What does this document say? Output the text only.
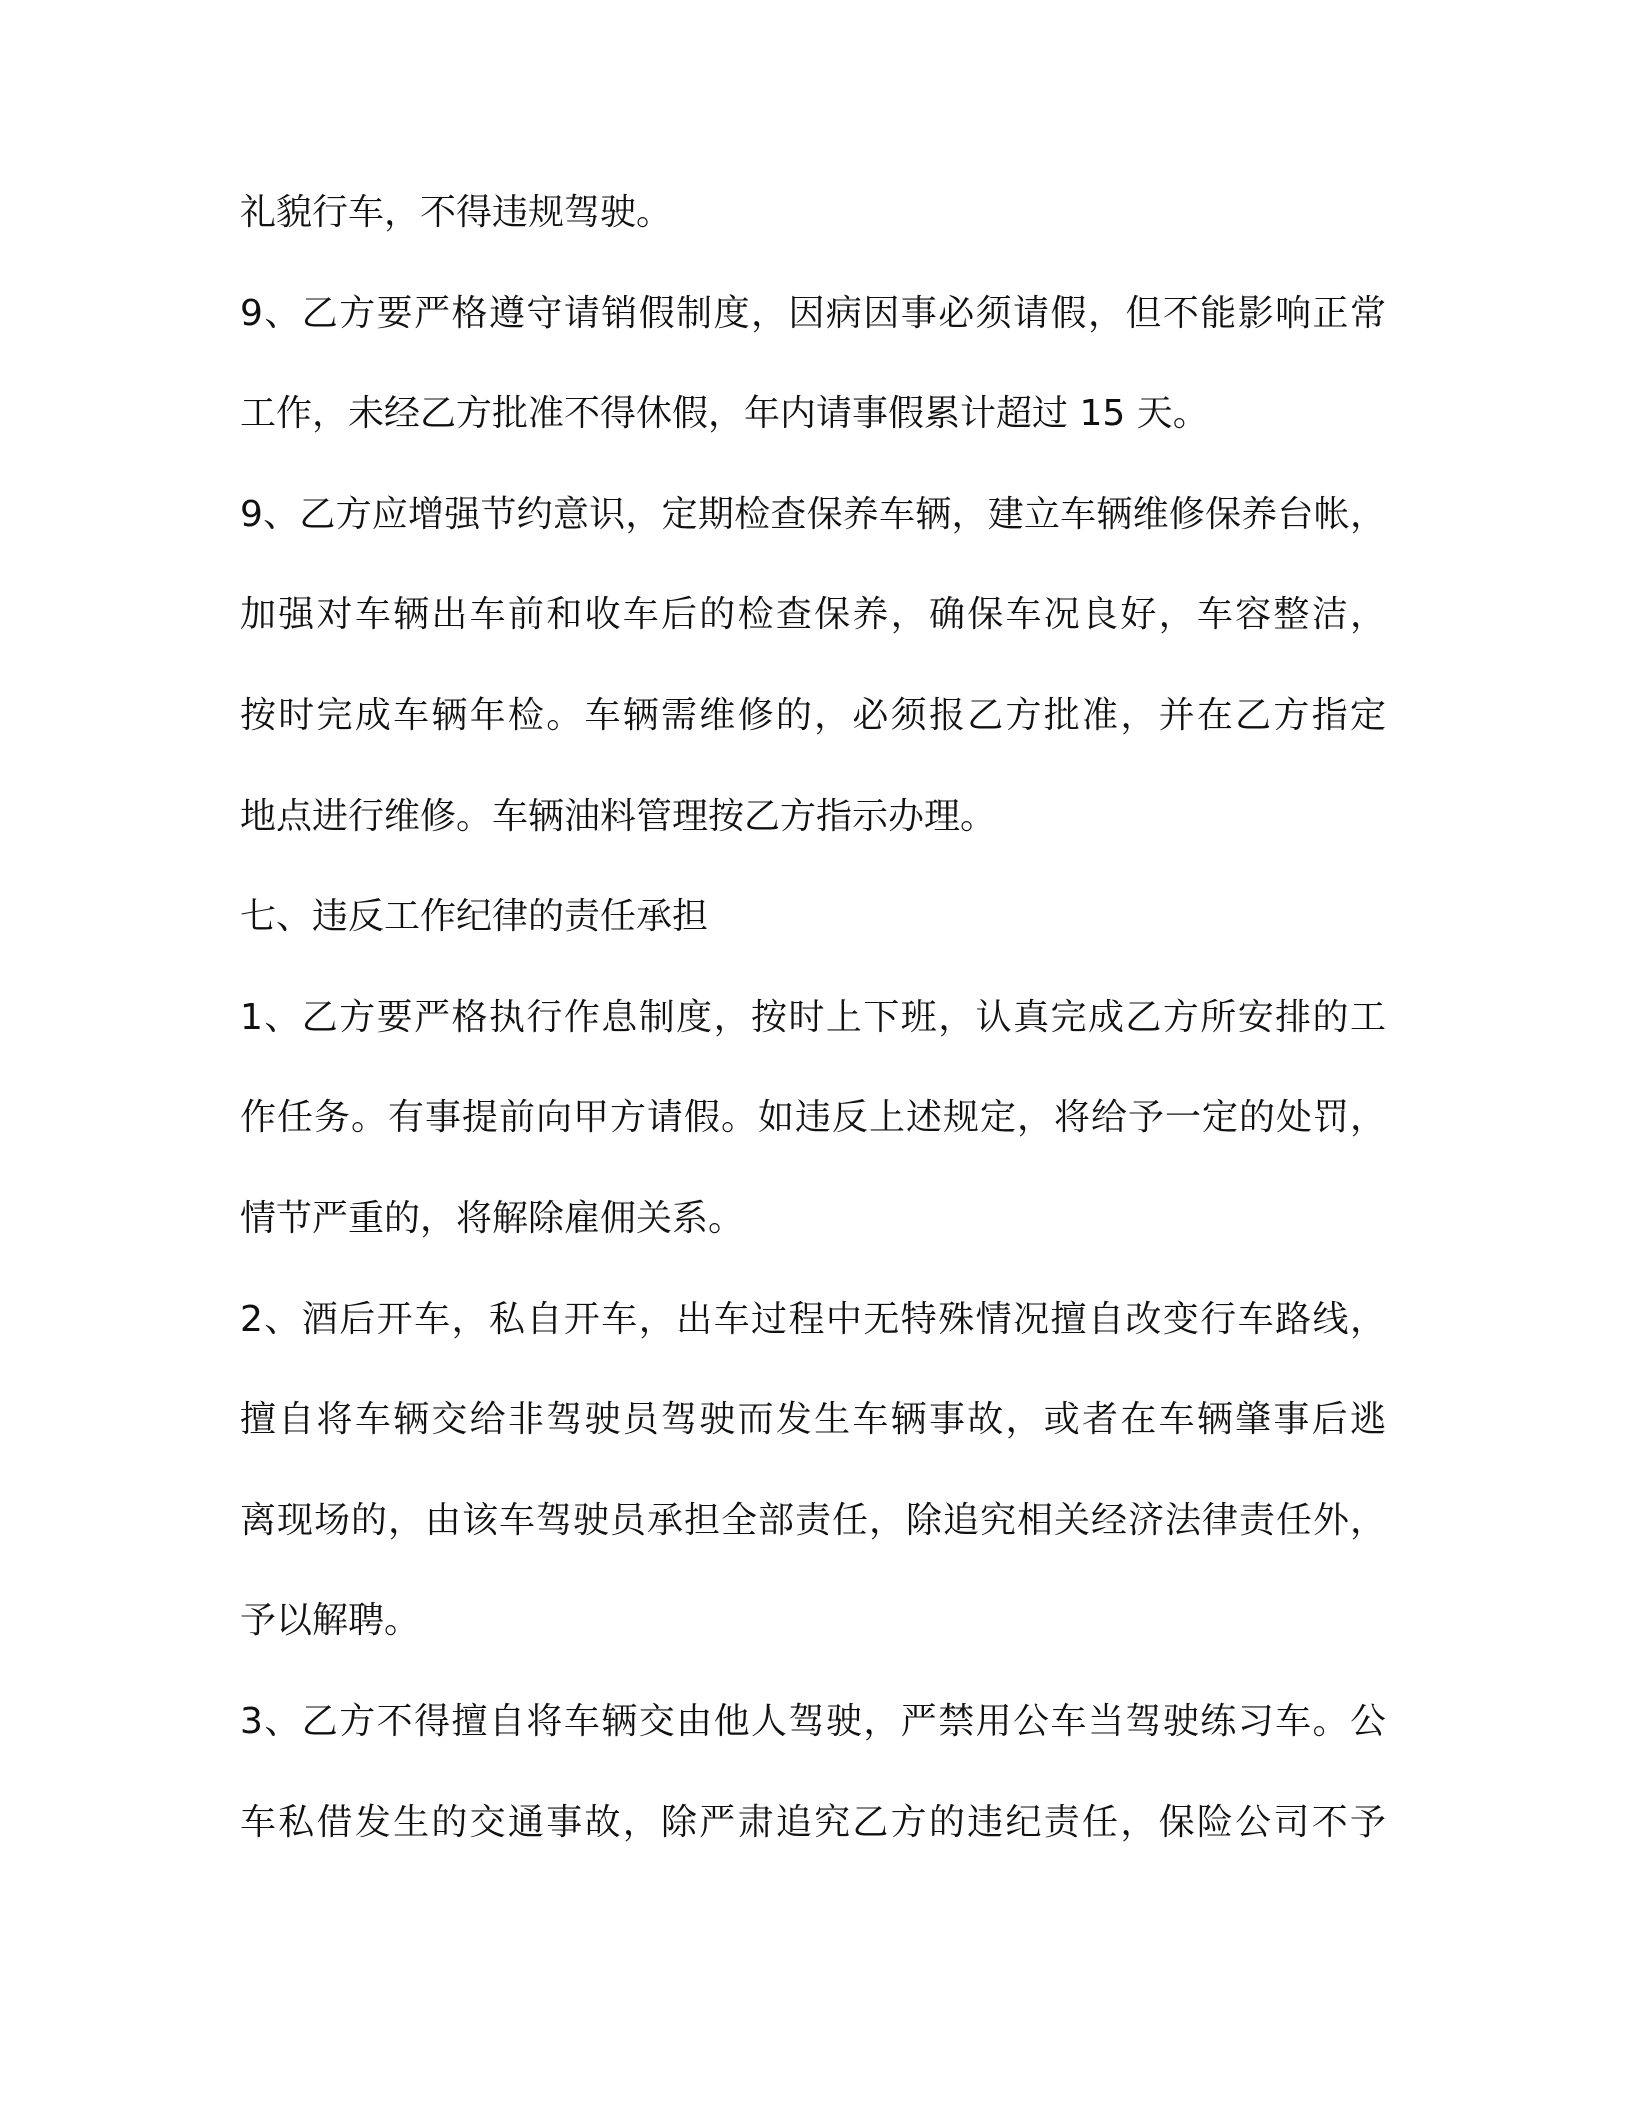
礼貌行车，不得违规驾驶。
9、乙方要严格遵守请销假制度，因病因事必须请假，但不能影响正常
工作，未经乙方批准不得休假，年内请事假累计超过 15 天。
9、乙方应增强节约意识，定期检查保养车辆，建立车辆维修保养台帐，
加强对车辆出车前和收车后的检查保养，确保车况良好，车容整洁，
按时完成车辆年检。车辆需维修的，必须报乙方批准，并在乙方指定
地点进行维修。车辆油料管理按乙方指示办理。
七、违反工作纪律的责任承担
1、乙方要严格执行作息制度，按时上下班，认真完成乙方所安排的工
作任务。有事提前向甲方请假。如违反上述规定，将给予一定的处罚，
情节严重的，将解除雇佣关系。
2、酒后开车，私自开车，出车过程中无特殊情况擅自改变行车路线，
擅自将车辆交给非驾驶员驾驶而发生车辆事故，或者在车辆肇事后逃
离现场的，由该车驾驶员承担全部责任，除追究相关经济法律责任外，
予以解聘。
3、乙方不得擅自将车辆交由他人驾驶，严禁用公车当驾驶练习车。公
车私借发生的交通事故，除严肃追究乙方的违纪责任，保险公司不予
